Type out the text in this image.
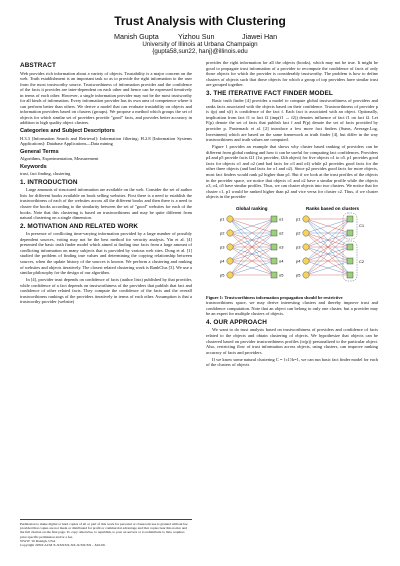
Trust Analysis with Clustering
Manish Gupta	Yizhou Sun	Jiawei Han
University of Illinois at Urbana Champaign
{gupta58,sun22, hanj}@illinois.edu
ABSTRACT

Web provides rich information about a variety of objects. Trustability is a major concern on the web. Truth establishment is an important task so as to provide the right information to the user from the most trustworthy source. Trustworthiness of information provider and the confidence of the facts it provides are inter-dependent on each other and hence can be expressed iteratively in terms of each other. However, a single information provider may not be the most trustworthy for all kinds of information. Every information provider has its own area of competence where it can perform better than others. We derive a model that can evaluate trustability on objects and information providers based on clusters (groups). We propose a method which groups the set of objects for which similar set of providers provide "good" facts, and provides better accuracy in addition to high quality object clusters.

Categories and Subject Descriptors

H.3.3 [Information Search and Retrieval]: Information filtering; H.2.8 [Information Systems Applications]: Database Applications—Data mining

General Terms

Algorithms, Experimentation, Measurement

Keywords

trust, fact finding, clustering

1. INTRODUCTION

Large amounts of structured information are available on the web. Consider the set of author lists for different books available on book selling websites. First there is a need to establish the trustworthiness of each of the websites across all the different books and then there is a need to cluster the books according to the similarity between the set of "good" websites for each of the books. Note that this clustering is based on trustworthiness and may be quite different from natural clustering on a single dimension.

2. MOTIVATION AND RELATED WORK

In presence of conflicting time-varying information provided by a large number of possibly dependent sources, voting may not be the best method for veracity analysis. Yin et al. [4] presented the basic truth finder model which aimed at finding true facts from a large amount of conflicting information on many subjects that is provided by various web sites. Dong et al. [1] studied the problem of finding true values and determining the copying relationship between sources, when the update history of the sources is known. We perform a clustering and ranking of websites and objects iteratively. The closest related clustering work is RankClus [3]. We use a similar philosophy for the design of our algorithm.

In [4], provider trust depends on confidence of facts (author lists) published by that provider, while confidence of a fact depends on trustworthiness of the providers that publish that fact and confidence of other related facts. They compute the confidence of the facts and the overall trustworthiness rankings of the providers iteratively in terms of each other. Assumption is that a trustworthy provider (website)

Permission to make digital or hard copies of all or part of this work for personal or classroom use is granted without fee provided that copies are not made or distributed for profit or commercial advantage and that copies bear this notice and the full citation on the first page. To copy otherwise, to republish, to post on servers or to redistribute to lists, requires prior specific permission and/or a fee.
WWW '10 Raleigh, USA
Copyright 20XX ACM X-XXXXX-XX-X/XX/XX ...$10.00.

provides the right information for all the objects (books), which may not be true. It might be good to propagate trust information of a provider to recompute the confidence of facts of only those objects for which the provider is considerably trustworthy. The problem is how to define clusters of objects such that those objects for which a group of top providers have similar trust are grouped together.

3. THE ITERATIVE FACT FINDER MODEL

Basic truth finder [4] provides a model to compute global trustworthiness of providers and ranks facts associated with the objects based on their confidence. Trustworthiness of provider p is t(p) and s(f) is confidence of the fact f. Each fact is associated with an object. Optionally, implication from fact f1 to fact f2 (imp(f1 → f2)) denotes influence of fact f1 on fact f2. Let F(p) denote the set of facts that publish fact f and P(p) denote the set of facts provided by provider p. Pasternack et al. [2] introduce a few more fact finders (Sums, Average.Log, Investment) which are based on the same framework as truth finder [4], but differ in the way trustworthiness and truth values are computed.

Figure 1 provides an example that shows why cluster based ranking of providers can be different from global ranking and how it can be useful for computing fact confidences. Providers p4 and p5 provide facts f21 (1st provider, f2th object) for five objects o1 to o5. p1 provides good facts for objects o1 and o2 (and bad facts for o3 and o4) while p2 provides good facts for the other three objects (and bad facts for o1 and o2). Since p2 provides good facts for more objects, most fact finders would rank p2 higher than p1. But if we look at the trust profiles of the objects in the provider space, we notice that objects o1 and o2 have a similar profile while the objects o3, o4, o5 have similar profiles. Thus, we can cluster objects into two clusters. We notice that for cluster c1, p1 would be ranked higher than p2 and vice versa for cluster c2. Thus, if we cluster objects in the provider

Global ranking	Ranks based on clusters
p1
p2
p3
p4
p5
o1
o2
o3
o4
o5
C1
C2
p1
p2
p3
p4
p5
Figure 1: Trustworthiness information propagation should be restrictive

trustworthiness space, we may derive interesting clusters and thereby improve trust and confidence computation. Note that an object can belong to only one cluster, but a provider may be an expert for multiple clusters of objects.

4. OUR APPROACH

We want to do trust analysis based on trustworthiness of providers and confidence of facts related to the objects and obtain clustering of objects. We hypothesize that objects can be clustered based on provider trustworthiness profiles (tc(p)) personalized to the particular object. Also, restricting flow of trust information across objects, using clusters, can improve ranking accuracy of facts and providers.

If we know some natural clustering C = {c1}k=1, we can run basic fact finder model for each of the clusters of objects
